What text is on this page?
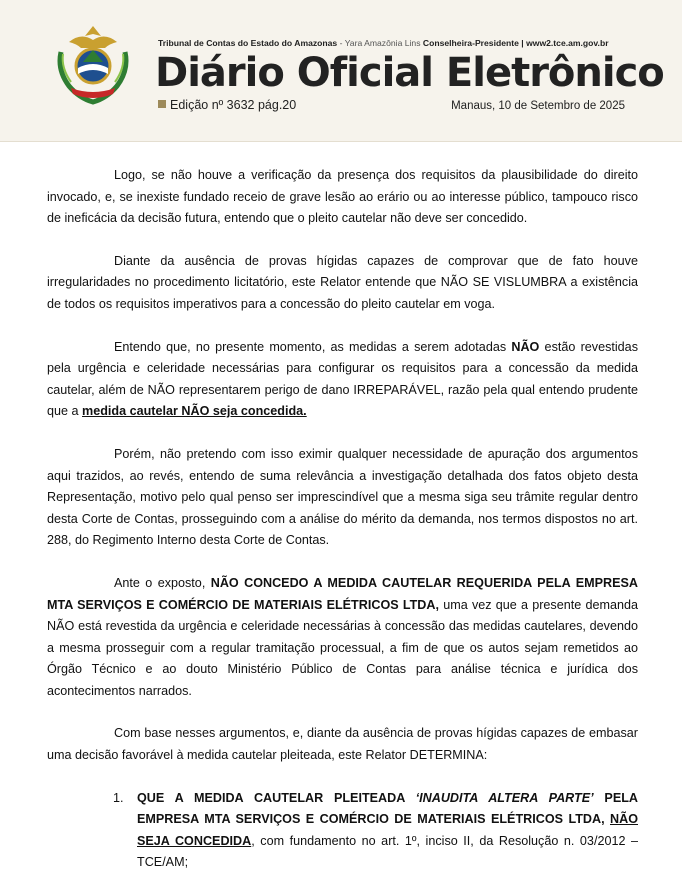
Tribunal de Contas do Estado do Amazonas - Yara Amazônia Lins Conselheira-Presidente | www2.tce.am.gov.br
Diário Oficial Eletrônico
Edição nº 3632 pág.20	Manaus, 10 de Setembro de 2025

Logo, se não houve a verificação da presença dos requisitos da plausibilidade do direito invocado, e, se inexiste fundado receio de grave lesão ao erário ou ao interesse público, tampouco risco de ineficácia da decisão futura, entendo que o pleito cautelar não deve ser concedido.

Diante da ausência de provas hígidas capazes de comprovar que de fato houve irregularidades no procedimento licitatório, este Relator entende que NÃO SE VISLUMBRA a existência de todos os requisitos imperativos para a concessão do pleito cautelar em voga.

Entendo que, no presente momento, as medidas a serem adotadas NÃO estão revestidas pela urgência e celeridade necessárias para configurar os requisitos para a concessão da medida cautelar, além de NÃO representarem perigo de dano IRREPARÁVEL, razão pela qual entendo prudente que a medida cautelar NÃO seja concedida.

Porém, não pretendo com isso eximir qualquer necessidade de apuração dos argumentos aqui trazidos, ao revés, entendo de suma relevância a investigação detalhada dos fatos objeto desta Representação, motivo pelo qual penso ser imprescindível que a mesma siga seu trâmite regular dentro desta Corte de Contas, prosseguindo com a análise do mérito da demanda, nos termos dispostos no art. 288, do Regimento Interno desta Corte de Contas.

Ante o exposto, NÃO CONCEDO A MEDIDA CAUTELAR REQUERIDA PELA EMPRESA MTA SERVIÇOS E COMÉRCIO DE MATERIAIS ELÉTRICOS LTDA, uma vez que a presente demanda NÃO está revestida da urgência e celeridade necessárias à concessão das medidas cautelares, devendo a mesma prosseguir com a regular tramitação processual, a fim de que os autos sejam remetidos ao Órgão Técnico e ao douto Ministério Público de Contas para análise técnica e jurídica dos acontecimentos narrados.

Com base nesses argumentos, e, diante da ausência de provas hígidas capazes de embasar uma decisão favorável à medida cautelar pleiteada, este Relator DETERMINA:

1. QUE A MEDIDA CAUTELAR PLEITEADA ‘INAUDITA ALTERA PARTE’ PELA EMPRESA MTA SERVIÇOS E COMÉRCIO DE MATERIAIS ELÉTRICOS LTDA, NÃO SEJA CONCEDIDA, com fundamento no art. 1º, inciso II, da Resolução n. 03/2012 – TCE/AM;
